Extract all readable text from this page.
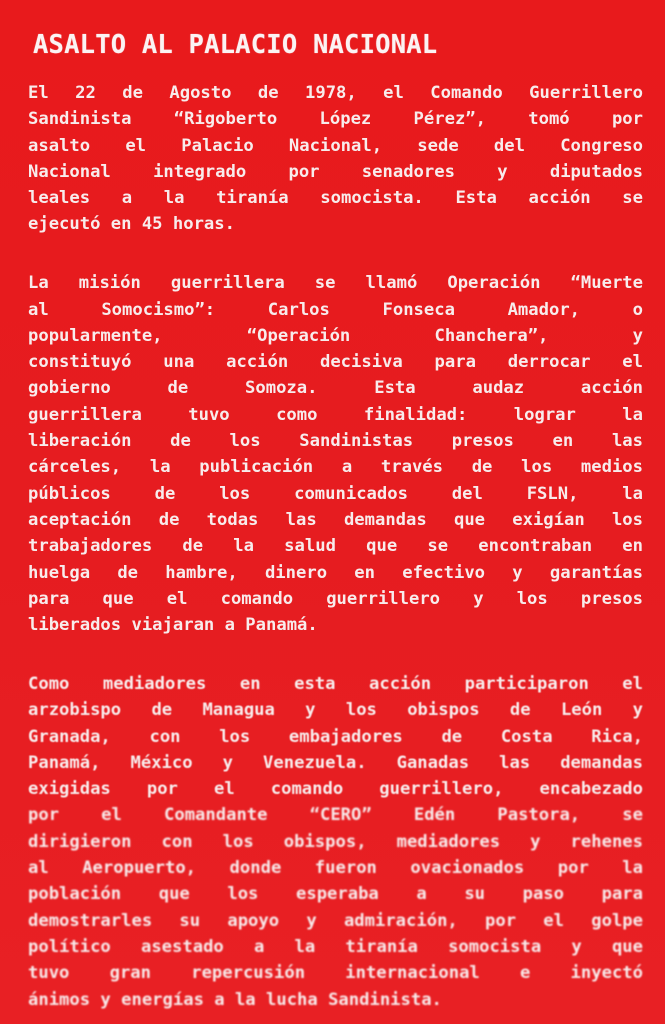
ASALTO AL PALACIO NACIONAL
El 22 de Agosto de 1978, el Comando Guerrillero
Sandinista “Rigoberto López Pérez”, tomó por
asalto el Palacio Nacional, sede del Congreso
Nacional integrado por senadores y diputados
leales a la tiranía somocista. Esta acción se
ejecutó en 45 horas.
La misión guerrillera se llamó Operación “Muerte
al Somocismo”: Carlos Fonseca Amador, o
popularmente, “Operación Chanchera”, y
constituyó una acción decisiva para derrocar el
gobierno de Somoza. Esta audaz acción
guerrillera tuvo como finalidad: lograr la
liberación de los Sandinistas presos en las
cárceles, la publicación a través de los medios
públicos de los comunicados del FSLN, la
aceptación de todas las demandas que exigían los
trabajadores de la salud que se encontraban en
huelga de hambre, dinero en efectivo y garantías
para que el comando guerrillero y los presos
liberados viajaran a Panamá.
Como mediadores en esta acción participaron el
arzobispo de Managua y los obispos de León y
Granada, con los embajadores de Costa Rica,
Panamá, México y Venezuela. Ganadas las demandas
exigidas por el comando guerrillero, encabezado
por el Comandante “CERO” Edén Pastora, se
dirigieron con los obispos, mediadores y rehenes
al Aeropuerto, donde fueron ovacionados por la
población que los esperaba a su paso para
demostrarles su apoyo y admiración, por el golpe
político asestado a la tiranía somocista y que
tuvo gran repercusión internacional e inyectó
ánimos y energías a la lucha Sandinista.
